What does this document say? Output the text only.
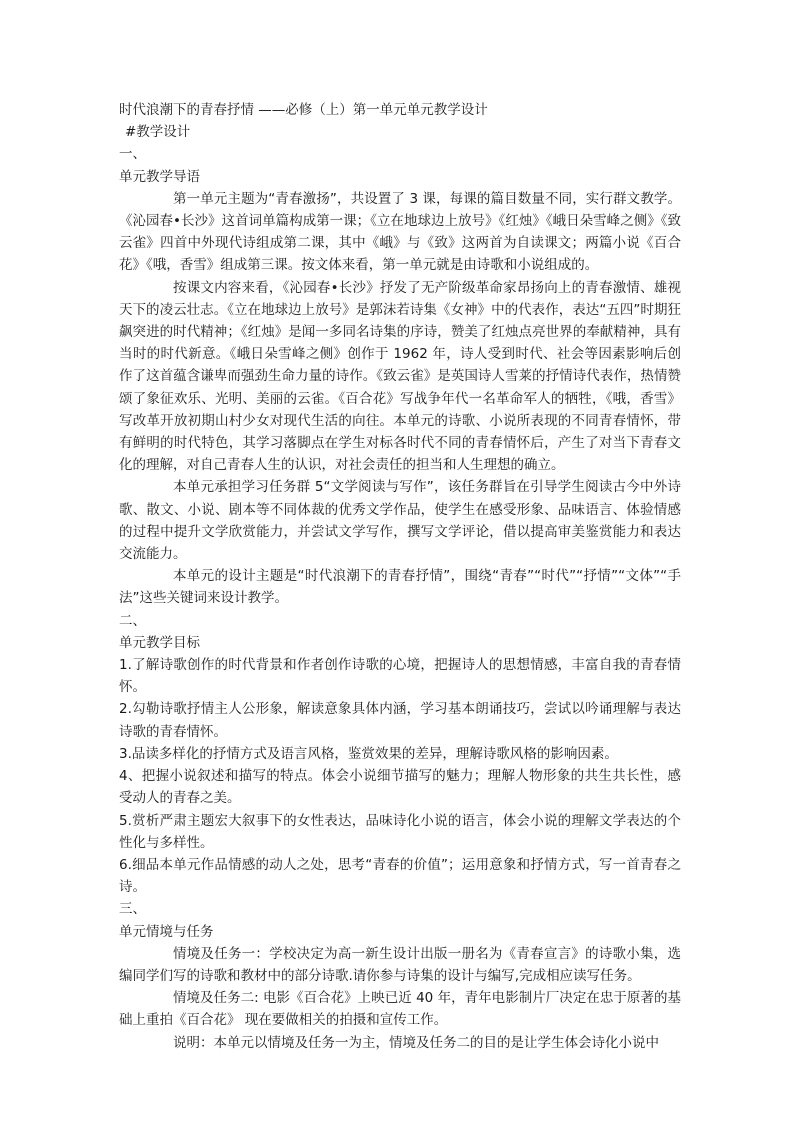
时代浪潮下的青春抒情 ——必修（上）第一单元单元教学设计
#教学设计
一、
单元教学导语
第一单元主题为“青春激扬”，共设置了 3 课，每课的篇目数量不同，实行群文教学。《沁园春•长沙》这首词单篇构成第一课；《立在地球边上放号》《红烛》《峨日朵雪峰之侧》《致云雀》四首中外现代诗组成第二课，其中《峨》与《致》这两首为自读课文；两篇小说《百合花》《哦，香雪》组成第三课。按文体来看，第一单元就是由诗歌和小说组成的。
按课文内容来看，《沁园春•长沙》抒发了无产阶级革命家昂扬向上的青春激情、雄视天下的凌云壮志。《立在地球边上放号》是郭沫若诗集《女神》中的代表作，表达“五四”时期狂飙突进的时代精神；《红烛》是闻一多同名诗集的序诗，赞美了红烛点亮世界的奉献精神，具有当时的时代新意。《峨日朵雪峰之侧》创作于 1962 年，诗人受到时代、社会等因素影响后创作了这首蕴含谦卑而强劲生命力量的诗作。《致云雀》是英国诗人雪莱的抒情诗代表作，热情赞颂了象征欢乐、光明、美丽的云雀。《百合花》写战争年代一名革命军人的牺牲，《哦，香雪》写改革开放初期山村少女对现代生活的向往。本单元的诗歌、小说所表现的不同青春情怀，带有鲜明的时代特色，其学习落脚点在学生对标各时代不同的青春情怀后，产生了对当下青春文化的理解，对自己青春人生的认识，对社会责任的担当和人生理想的确立。
本单元承担学习任务群 5“文学阅读与写作”，该任务群旨在引导学生阅读古今中外诗歌、散文、小说、剧本等不同体裁的优秀文学作品，使学生在感受形象、品味语言、体验情感的过程中提升文学欣赏能力，并尝试文学写作，撰写文学评论，借以提高审美鉴赏能力和表达交流能力。
本单元的设计主题是“时代浪潮下的青春抒情”，围绕“青春”“时代”“抒情”“文体”“手法”这些关键词来设计教学。
二、
单元教学目标
1.了解诗歌创作的时代背景和作者创作诗歌的心境，把握诗人的思想情感，丰富自我的青春情怀。
2.勾勒诗歌抒情主人公形象，解读意象具体内涵，学习基本朗诵技巧，尝试以吟诵理解与表达诗歌的青春情怀。
3.品读多样化的抒情方式及语言风格，鉴赏效果的差异，理解诗歌风格的影响因素。
4、把握小说叙述和描写的特点。体会小说细节描写的魅力；理解人物形象的共生共长性，感受动人的青春之美。
5.赏析严肃主题宏大叙事下的女性表达，品味诗化小说的语言，体会小说的理解文学表达的个性化与多样性。
6.细品本单元作品情感的动人之处，思考“青春的价值”；运用意象和抒情方式，写一首青春之诗。
三、
单元情境与任务
情境及任务一：学校决定为高一新生设计出版一册名为《青春宣言》的诗歌小集，选编同学们写的诗歌和教材中的部分诗歌.请你参与诗集的设计与编写,完成相应读写任务。
情境及任务二: 电影《百合花》上映已近 40 年，青年电影制片厂决定在忠于原著的基础上重拍《百合花》 现在要做相关的拍摄和宣传工作。
说明：本单元以情境及任务一为主，情境及任务二的目的是让学生体会诗化小说中
